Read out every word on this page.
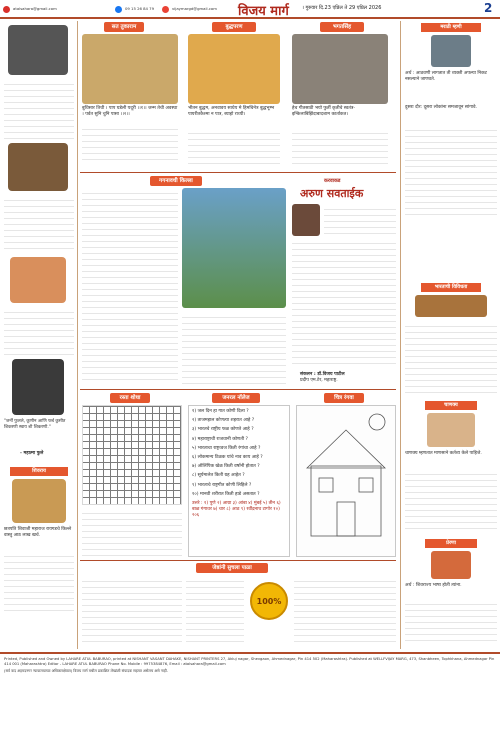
atalsahara@gmail.com	09 15 26 84 79	vijaymargd@gmail.com विजय मार्ग	। गुरुवार दि.23 एप्रिल ते 29 एप्रिल 2026	2
"जर्नी फुलले, कूणीन आणि फर्ब कुसीत शिकरणी स्वाय शी शिकरणी."
- महात्मा फुले
शिवराय
छत्रपति शिवाजी महाराज रायगडचे किल्ले वास्तु आठ लाख खर्च.
सत तुकाराम	बुद्धपरण	भगतसिंह
बुधिसार तिथी । पाप घडेली यदूरी ।।१।। जन्म तेची अवस्था । पर्वत सुनि चुनि पासा ।।२।।
भीतन बुद्धम, अनवावय साधेय मे हिमचिनेत्र बुद्धभूम्भ पायरीतकैश्मा न पात्र, ब्याहो राध्यी।
हेच गीतसाठी भयो फुर्ती कृतीचे स्वतंत्र- इन्किलाबिझिंदाबादशाम कार्ताकत।
मराठी म्हणी
अर्थ : आठवणी लागतात ती व्यक्ती अपल्या निकट नसल्याने जाणवते.
दुसरा दौर: दूसरा लोकांना समजावून सांगावे.
भारताची विविधता
चाणक्य
चाणक्य म्हणतात माणसाने कर्तव्य केले पाहिजे.
प्रेरणा
अर्थ : शिवराज्य भाषा होती त्यांना.
गगनावधी किल्ला	करवाकड
अरुण सवताईक
संकलन : डॉ.विजय पाटील
प्रदीप एम.टेर, महाराष्ट्र.
रस्ता शोधा	जनरल नॉलेज
१) जल दिन हा गात कोणी दिला ?
२) ताजमहाल कोणत्या शहरात आहे ?
३) भारतचे राष्ट्रीय फळ कोणते आहे ?
४) महाराष्ट्राची राजधानी कोणती ?
५) भारताचा राष्ट्रध्वज किती रंगांचा आहे ?
६) लोकमान्य टिळक यांचे नाव काय आहे ?
७) ऑलिंपिक खेळ किती वर्षांनी होतात ?
८) सूर्यमालेत किती ग्रह आहेत ?
९) भारताचे राष्ट्रगीत कोणी लिहिले ?
१०) मानवी शरीरात किती हाडे असतात ?
उत्तरे : १) पुणे २) आग्रा ३) आंबा ४) मुंबई ५) तीन ६) बाळ गंगाधर ७) चार ८) आठ ९) रवींद्रनाथ टागोर १०) २०६
चित्र रंगवा
जेष्ठांनी सुचला पाळा
100%
Printed, Published and Owned by LAHARE ATUL BABURAO, printed at NISHANT VASANT DAHAKE, NISHANT PRINTERS 27, Akluj nagar, Shevgaon, Ahmednagar, Pin 414 502 (Maharashtra). Published at WELLFVIJAY MARG, 473, Shanbheen, Tophkhana, Ahmednagar Pin 414 001 (Maharashtra) Editor - LAHARE ATUL BABURAO Phone No. Mobile : 9975384876, Email : atalsahara@gmail.com
(सर्व वाद अहमदनगर न्यायालयाच्या अधिकारक्षेत्रात) विजय मार्ग मधील प्रकाशित लेखांशी संपादक सहमत असेलच असे नाही.
